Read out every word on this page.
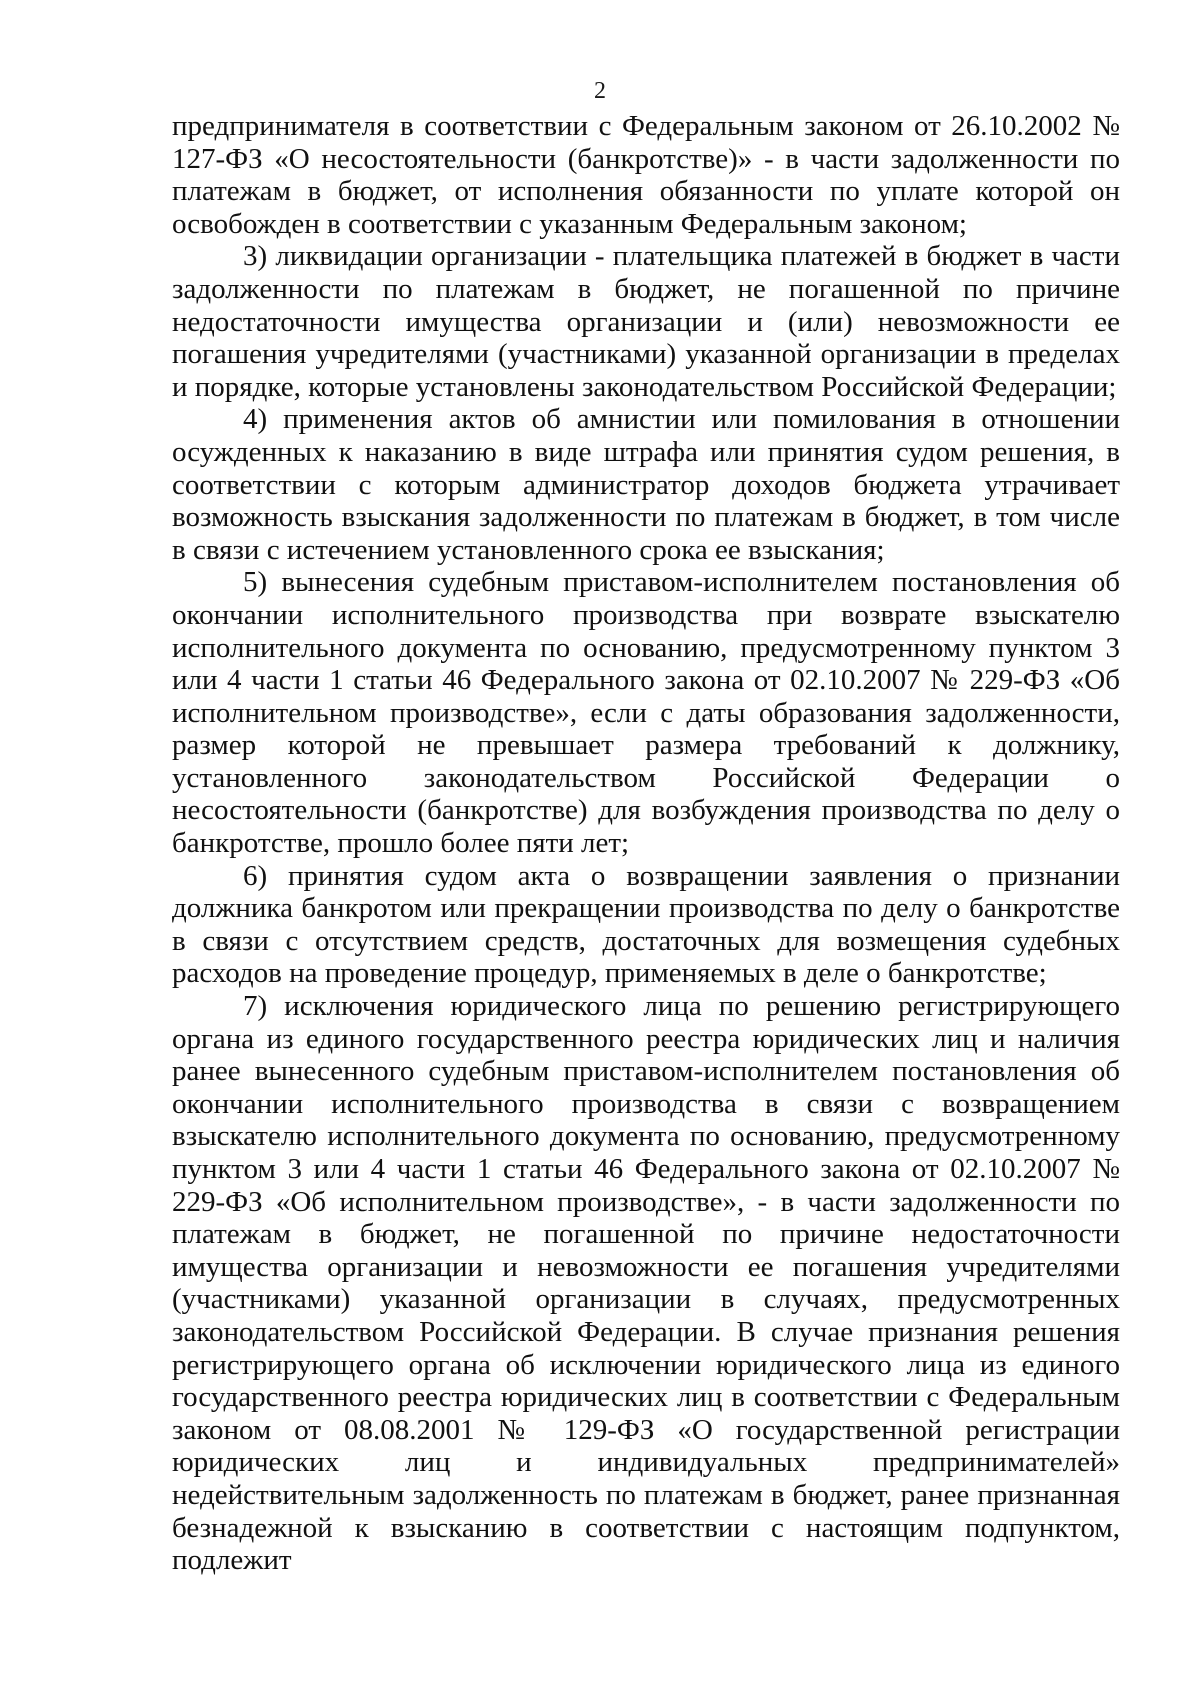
2

предпринимателя в соответствии с Федеральным законом от 26.10.2002 № 127-ФЗ «О несостоятельности (банкротстве)» - в части задолженности по платежам в бюджет, от исполнения обязанности по уплате которой он освобожден в соответствии с указанным Федеральным законом;

3) ликвидации организации - плательщика платежей в бюджет в части задолженности по платежам в бюджет, не погашенной по причине недостаточности имущества организации и (или) невозможности ее погашения учредителями (участниками) указанной организации в пределах и порядке, которые установлены законодательством Российской Федерации;

4) применения актов об амнистии или помилования в отношении осужденных к наказанию в виде штрафа или принятия судом решения, в соответствии с которым администратор доходов бюджета утрачивает возможность взыскания задолженности по платежам в бюджет, в том числе в связи с истечением установленного срока ее взыскания;

5) вынесения судебным приставом-исполнителем постановления об окончании исполнительного производства при возврате взыскателю исполнительного документа по основанию, предусмотренному пунктом 3 или 4 части 1 статьи 46 Федерального закона от 02.10.2007 № 229-ФЗ «Об исполнительном производстве», если с даты образования задолженности, размер которой не превышает размера требований к должнику, установленного законодательством Российской Федерации о несостоятельности (банкротстве) для возбуждения производства по делу о банкротстве, прошло более пяти лет;

6) принятия судом акта о возвращении заявления о признании должника банкротом или прекращении производства по делу о банкротстве в связи с отсутствием средств, достаточных для возмещения судебных расходов на проведение процедур, применяемых в деле о банкротстве;

7) исключения юридического лица по решению регистрирующего органа из единого государственного реестра юридических лиц и наличия ранее вынесенного судебным приставом-исполнителем постановления об окончании исполнительного производства в связи с возвращением взыскателю исполнительного документа по основанию, предусмотренному пунктом 3 или 4 части 1 статьи 46 Федерального закона от 02.10.2007 № 229-ФЗ «Об исполнительном производстве», - в части задолженности по платежам в бюджет, не погашенной по причине недостаточности имущества организации и невозможности ее погашения учредителями (участниками) указанной организации в случаях, предусмотренных законодательством Российской Федерации. В случае признания решения регистрирующего органа об исключении юридического лица из единого государственного реестра юридических лиц в соответствии с Федеральным законом от 08.08.2001 № 129-ФЗ «О государственной регистрации юридических лиц и индивидуальных предпринимателей» недействительным задолженность по платежам в бюджет, ранее признанная безнадежной к взысканию в соответствии с настоящим подпунктом, подлежит
